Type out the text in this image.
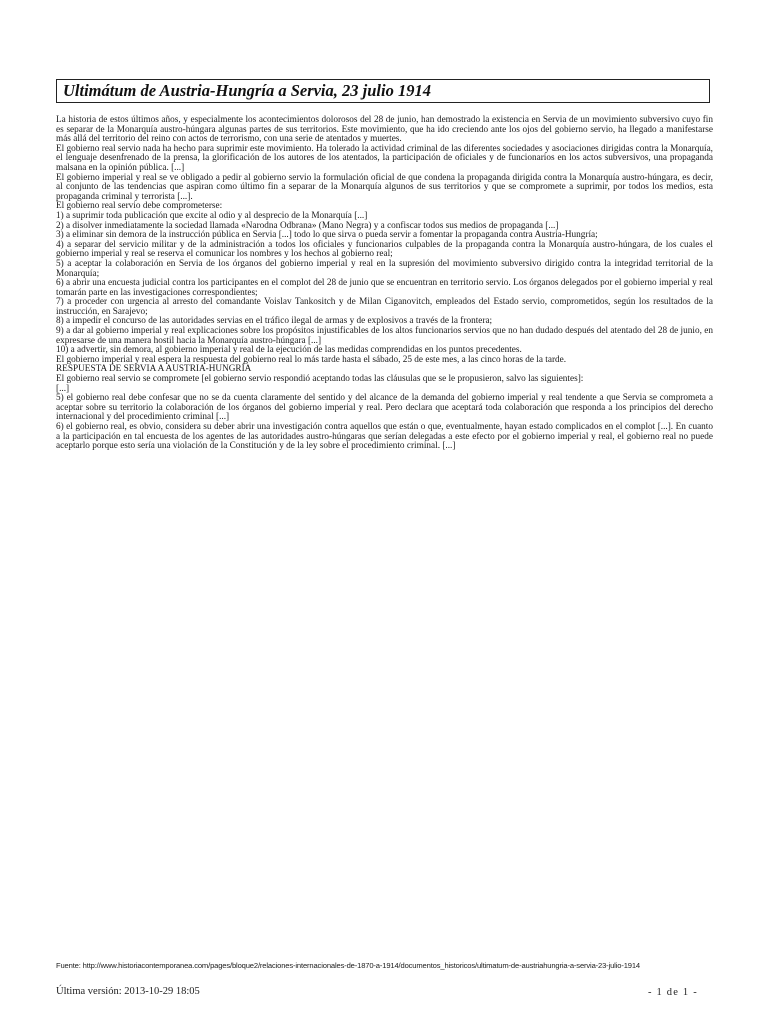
Ultimátum de Austria-Hungría a Servia, 23 julio 1914

La historia de estos últimos años, y especialmente los acontecimientos dolorosos del 28 de junio, han demostrado la existencia en Servia de un movimiento subversivo cuyo fin es separar de la Monarquía austro-húngara algunas partes de sus territorios. Este movimiento, que ha ido creciendo ante los ojos del gobierno servio, ha llegado a manifestarse más allá del territorio del reino con actos de terrorismo, con una serie de atentados y muertes.

El gobierno real servio nada ha hecho para suprimir este movimiento. Ha tolerado la actividad criminal de las diferentes sociedades y asociaciones dirigidas contra la Monarquía, el lenguaje desenfrenado de la prensa, la glorificación de los autores de los atentados, la participación de oficiales y de funcionarios en los actos subversivos, una propaganda malsana en la opinión pública. [...]

El gobierno imperial y real se ve obligado a pedir al gobierno servio la formulación oficial de que condena la propaganda dirigida contra la Monarquía austro-húngara, es decir, al conjunto de las tendencias que aspiran como último fin a separar de la Monarquía algunos de sus territorios y que se compromete a suprimir, por todos los medios, esta propaganda criminal y terrorista [...].

El gobierno real servio debe comprometerse:

1) a suprimir toda publicación que excite al odio y al desprecio de la Monarquía [...]

2) a disolver inmediatamente la sociedad llamada «Narodna Odbrana» (Mano Negra) y a confiscar todos sus medios de propaganda [...]

3) a eliminar sin demora de la instrucción pública en Servia [...] todo lo que sirva o pueda servir a fomentar la propaganda contra Austria-Hungría;

4) a separar del servicio militar y de la administración a todos los oficiales y funcionarios culpables de la propaganda contra la Monarquía austro-húngara, de los cuales el gobierno imperial y real se reserva el comunicar los nombres y los hechos al gobierno real;

5) a aceptar la colaboración en Servia de los órganos del gobierno imperial y real en la supresión del movimiento subversivo dirigido contra la integridad territorial de la Monarquía;

6) a abrir una encuesta judicial contra los participantes en el complot del 28 de junio que se encuentran en territorio servio. Los órganos delegados por el gobierno imperial y real tomarán parte en las investigaciones correspondientes;

7) a proceder con urgencia al arresto del comandante Voislav Tankositch y de Milan Ciganovitch, empleados del Estado servio, comprometidos, según los resultados de la instrucción, en Sarajevo;

8) a impedir el concurso de las autoridades servias en el tráfico ilegal de armas y de explosivos a través de la frontera;

9) a dar al gobierno imperial y real explicaciones sobre los propósitos injustificables de los altos funcionarios servios que no han dudado después del atentado del 28 de junio, en expresarse de una manera hostil hacia la Monarquía austro-húngara [...]

10) a advertir, sin demora, al gobierno imperial y real de la ejecución de las medidas comprendidas en los puntos precedentes.

El gobierno imperial y real espera la respuesta del gobierno real lo más tarde hasta el sábado, 25 de este mes, a las cinco horas de la tarde.

RESPUESTA DE SERVIA A AUSTRIA-HUNGRÍA

El gobierno real servio se compromete [el gobierno servio respondió aceptando todas las cláusulas que se le propusieron, salvo las siguientes]:

[...]

5) el gobierno real debe confesar que no se da cuenta claramente del sentido y del alcance de la demanda del gobierno imperial y real tendente a que Servia se comprometa a aceptar sobre su territorio la colaboración de los órganos del gobierno imperial y real. Pero declara que aceptará toda colaboración que responda a los principios del derecho internacional y del procedimiento criminal [...]

6) el gobierno real, es obvio, considera su deber abrir una investigación contra aquellos que están o que, eventualmente, hayan estado complicados en el complot [...]. En cuanto a la participación en tal encuesta de los agentes de las autoridades austro-húngaras que serían delegadas a este efecto por el gobierno imperial y real, el gobierno real no puede aceptarlo porque esto sería una violación de la Constitución y de la ley sobre el procedimiento criminal. [...]

Fuente: http://www.historiacontemporanea.com/pages/bloque2/relaciones-internacionales-de-1870-a-1914/documentos_historicos/ultimatum-de-austriahungria-a-servia-23-julio-1914
Última versión: 2013-10-29 18:05	- 1 de 1 -
